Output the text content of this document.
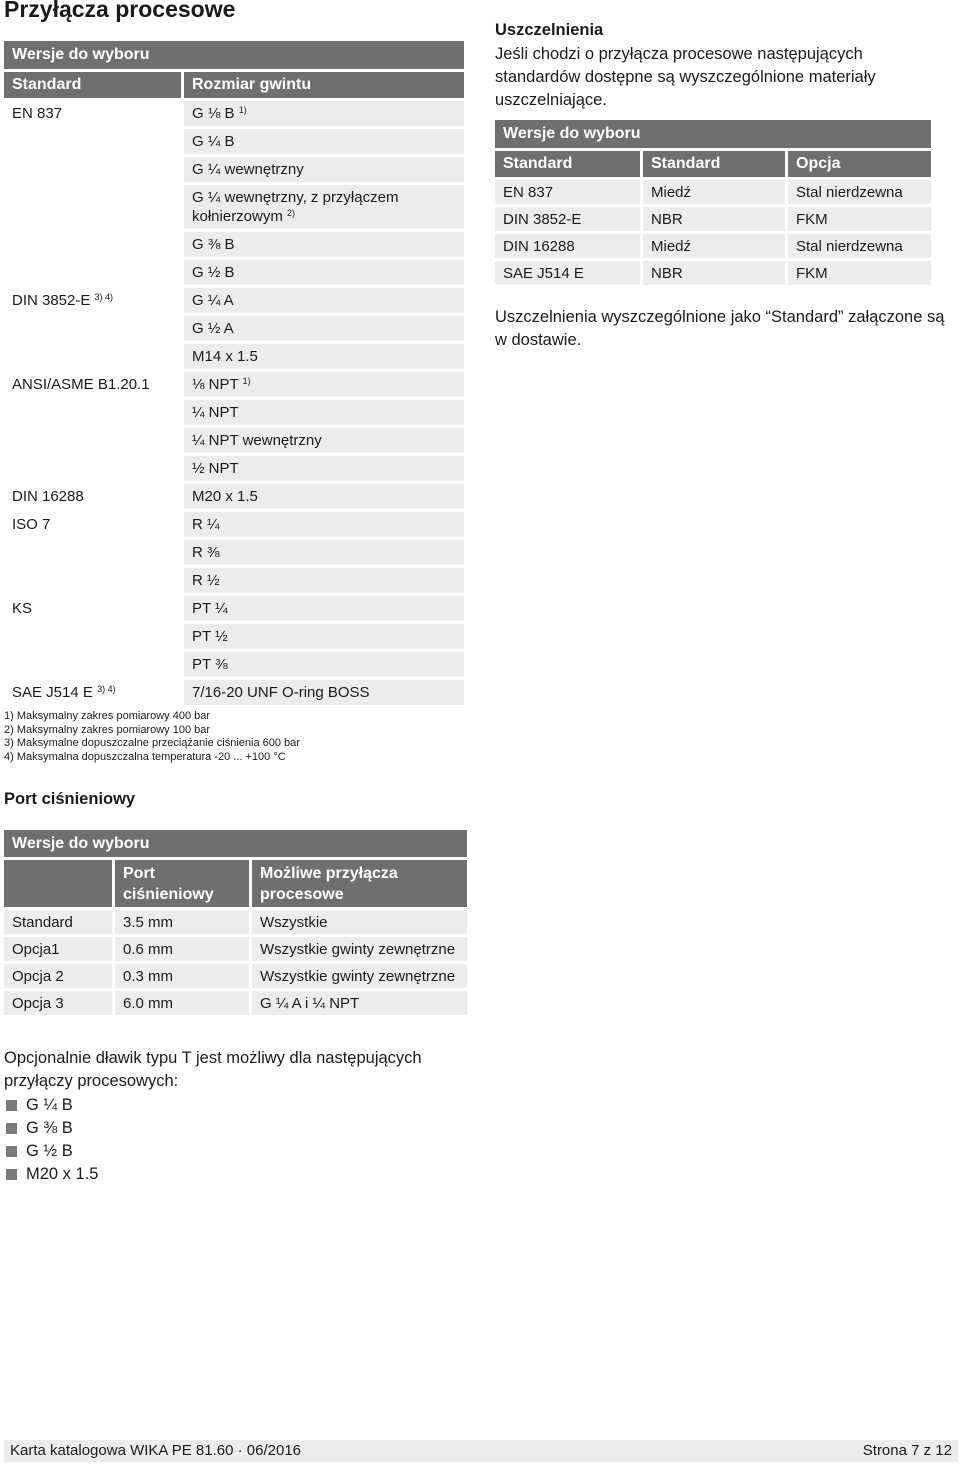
Przyłącza procesowe
Wersje do wyboru	
Standard	Rozmiar gwintu
EN 837	G ⅛ B $^{1)}$
	G ¼ B
	G ¼ wewnętrzny
	G ¼ wewnętrzny, z przyłączem kołnierzowym $^{2)}$
	G ⅜ B
	G ½ B
DIN 3852-E $^{3) 4)}$	G ¼ A
	G ½ A
	M14 x 1.5
ANSI/ASME B1.20.1	⅛ NPT $^{1)}$
	¼ NPT
	¼ NPT wewnętrzny
	½ NPT
DIN 16288	M20 x 1.5
ISO 7	R ¼
	R ⅜
	R ½
KS	PT ¼
	PT ½
	PT ⅜
SAE J514 E $^{3) 4)}$	7/16-20 UNF O-ring BOSS
1) Maksymalny zakres pomiarowy 400 bar
2) Maksymalny zakres pomiarowy 100 bar
3) Maksymalne dopuszczalne przeciążanie ciśnienia 600 bar
4) Maksymalna dopuszczalna temperatura -20 ... +100 °C
Uszczelnienia
Jeśli chodzi o przyłącza procesowe następujących standardów dostępne są wyszczególnione materiały uszczelniające.
Wersje do wyboru		
Standard	Standard	Opcja
EN 837	Miedź	Stal nierdzewna
DIN 3852-E	NBR	FKM
DIN 16288	Miedź	Stal nierdzewna
SAE J514 E	NBR	FKM
Uszczelnienia wyszczególnione jako “Standard” załączone są w dostawie.
Port ciśnieniowy
Wersje do wyboru		
	Port ciśnieniowy	Możliwe przyłącza procesowe
Standard	3.5 mm	Wszystkie
Opcja1	0.6 mm	Wszystkie gwinty zewnętrzne
Opcja 2	0.3 mm	Wszystkie gwinty zewnętrzne
Opcja 3	6.0 mm	G ¼ A i ¼ NPT
Opcjonalnie dławik typu T jest możliwy dla następujących przyłączy procesowych:
G ¼ B
G ⅜ B
G ½ B
M20 x 1.5
Karta katalogowa WIKA PE 81.60 · 06/2016	Strona 7 z 12
